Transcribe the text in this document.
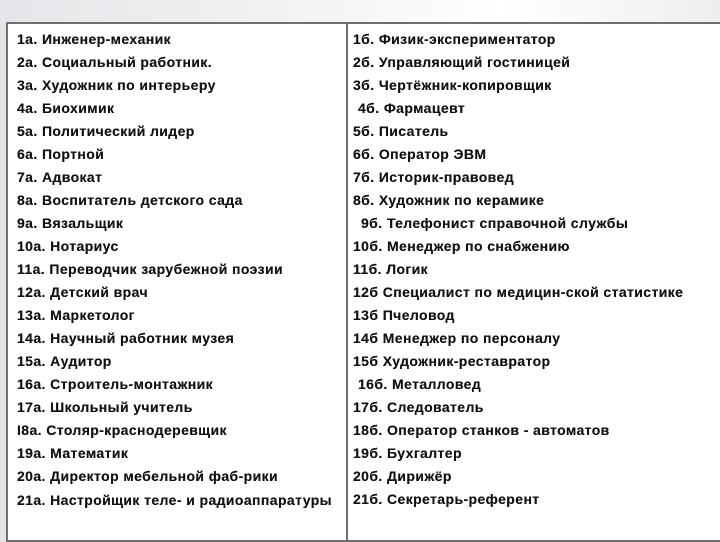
1а. Инженер-механик
2а. Социальный работник.
3а. Художник по интерьеру
4а. Биохимик
5а. Политический лидер
6а. Портной
7а. Адвокат
8а. Воспитатель детского сада
9а. Вязальщик
10а. Нотариус
11а. Переводчик зарубежной поэзии
12а. Детский врач
13а. Маркетолог
14а. Научный работник музея
15а. Аудитор
16а. Строитель-монтажник
17а. Школьный учитель
I8а. Столяр-краснодеревщик
19а. Математик
20а. Директор мебельной фаб-рики
21а. Настройщик теле- и радиоаппаратуры
1б. Физик-экспериментатор
2б. Управляющий гостиницей
3б. Чертёжник-копировщик
4б. Фармацевт
5б. Писатель
6б. Оператор ЭВМ
7б. Историк-правовед
8б. Художник по керамике
9б. Телефонист справочной службы
10б. Менеджер по снабжению
11б. Логик
12б Специалист по медицин-ской статистике
13б Пчеловод
14б Менеджер по персоналу
15б Художник-реставратор
16б. Металловед
17б. Следователь
18б. Оператор станков ‑ автоматов
19б. Бухгалтер
20б. Дирижёр
21б. Секретарь-референт
